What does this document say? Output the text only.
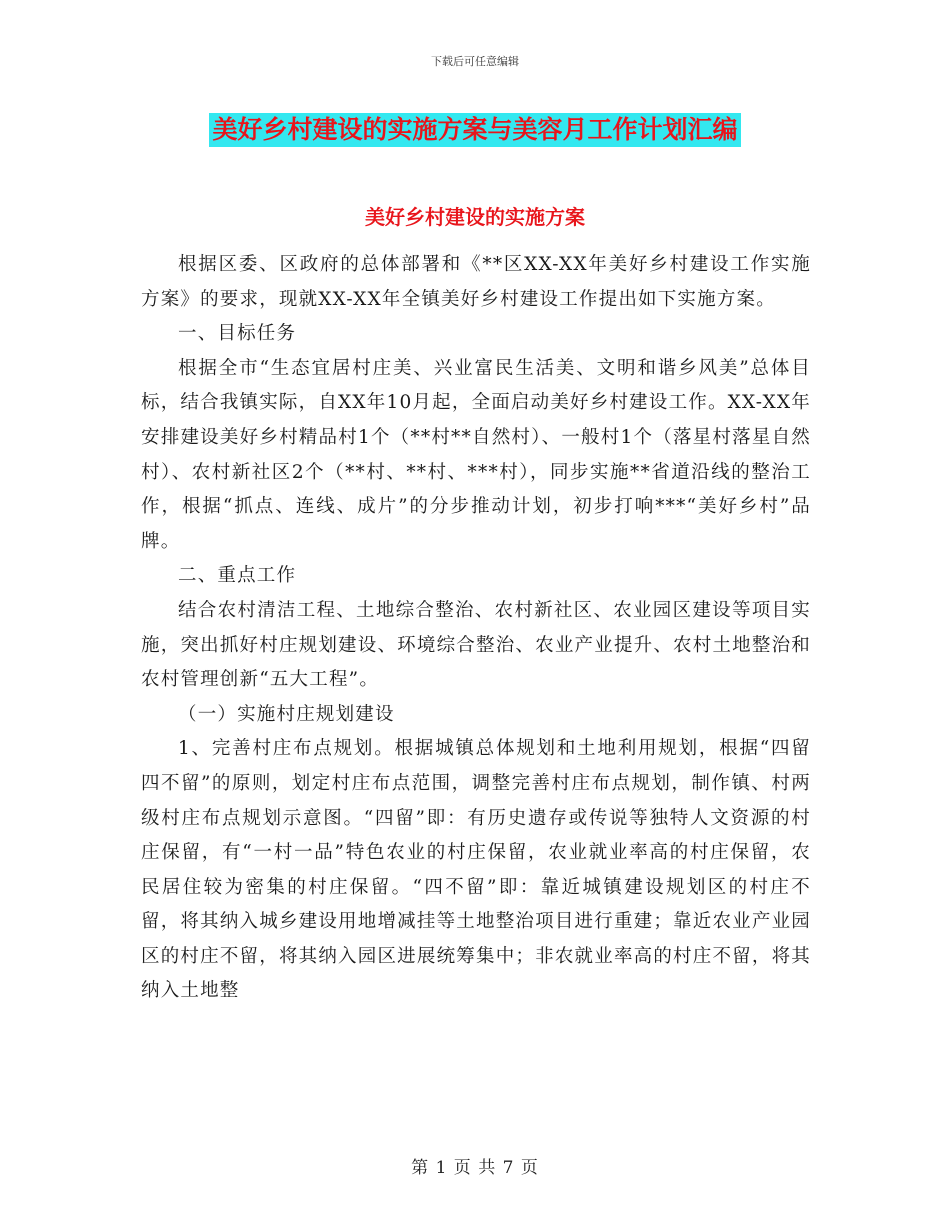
下载后可任意编辑
美好乡村建设的实施方案与美容月工作计划汇编
美好乡村建设的实施方案

根据区委、区政府的总体部署和《**区XX-XX年美好乡村建设工作实施方案》的要求，现就XX-XX年全镇美好乡村建设工作提出如下实施方案。

一、目标任务

根据全市“生态宜居村庄美、兴业富民生活美、文明和谐乡风美”总体目标，结合我镇实际，自XX年10月起，全面启动美好乡村建设工作。XX-XX年安排建设美好乡村精品村1个（**村**自然村）、一般村1个（落星村落星自然村）、农村新社区2个（**村、**村、***村），同步实施**省道沿线的整治工作，根据“抓点、连线、成片”的分步推动计划，初步打响***“美好乡村”品牌。

二、重点工作

结合农村清洁工程、土地综合整治、农村新社区、农业园区建设等项目实施，突出抓好村庄规划建设、环境综合整治、农业产业提升、农村土地整治和农村管理创新“五大工程”。

（一）实施村庄规划建设

1、完善村庄布点规划。根据城镇总体规划和土地利用规划，根据“四留四不留”的原则，划定村庄布点范围，调整完善村庄布点规划，制作镇、村两级村庄布点规划示意图。“四留”即：有历史遗存或传说等独特人文资源的村庄保留，有“一村一品”特色农业的村庄保留，农业就业率高的村庄保留，农民居住较为密集的村庄保留。“四不留”即：靠近城镇建设规划区的村庄不留，将其纳入城乡建设用地增减挂等土地整治项目进行重建；靠近农业产业园区的村庄不留，将其纳入园区进展统筹集中；非农就业率高的村庄不留，将其纳入土地整

第 1 页 共 7 页
